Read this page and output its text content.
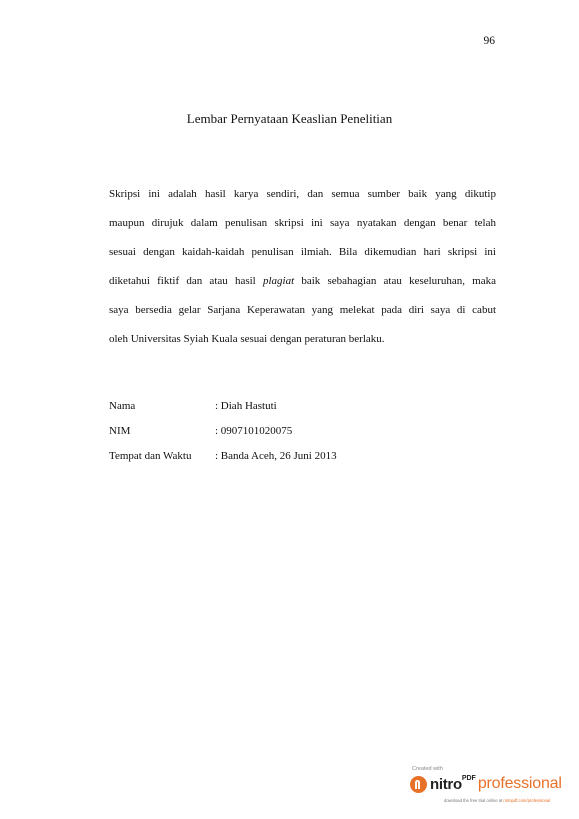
96
Lembar Pernyataan Keaslian Penelitian

Skripsi ini adalah hasil karya sendiri, dan semua sumber baik yang dikutip
maupun dirujuk dalam penulisan skripsi ini saya nyatakan dengan benar telah
sesuai dengan kaidah-kaidah penulisan ilmiah. Bila dikemudian hari skripsi ini
diketahui fiktif dan atau hasil plagiat baik sebahagian atau keseluruhan, maka
saya bersedia gelar Sarjana Keperawatan yang melekat pada diri saya di cabut
oleh Universitas Syiah Kuala sesuai dengan peraturan berlaku.

Nama	: Diah Hastuti
NIM	: 0907101020075
Tempat dan Waktu	: Banda Aceh, 26 Juni 2013
Created with
nitro PDF professional
download the free trial online at nitropdf.com/professional
